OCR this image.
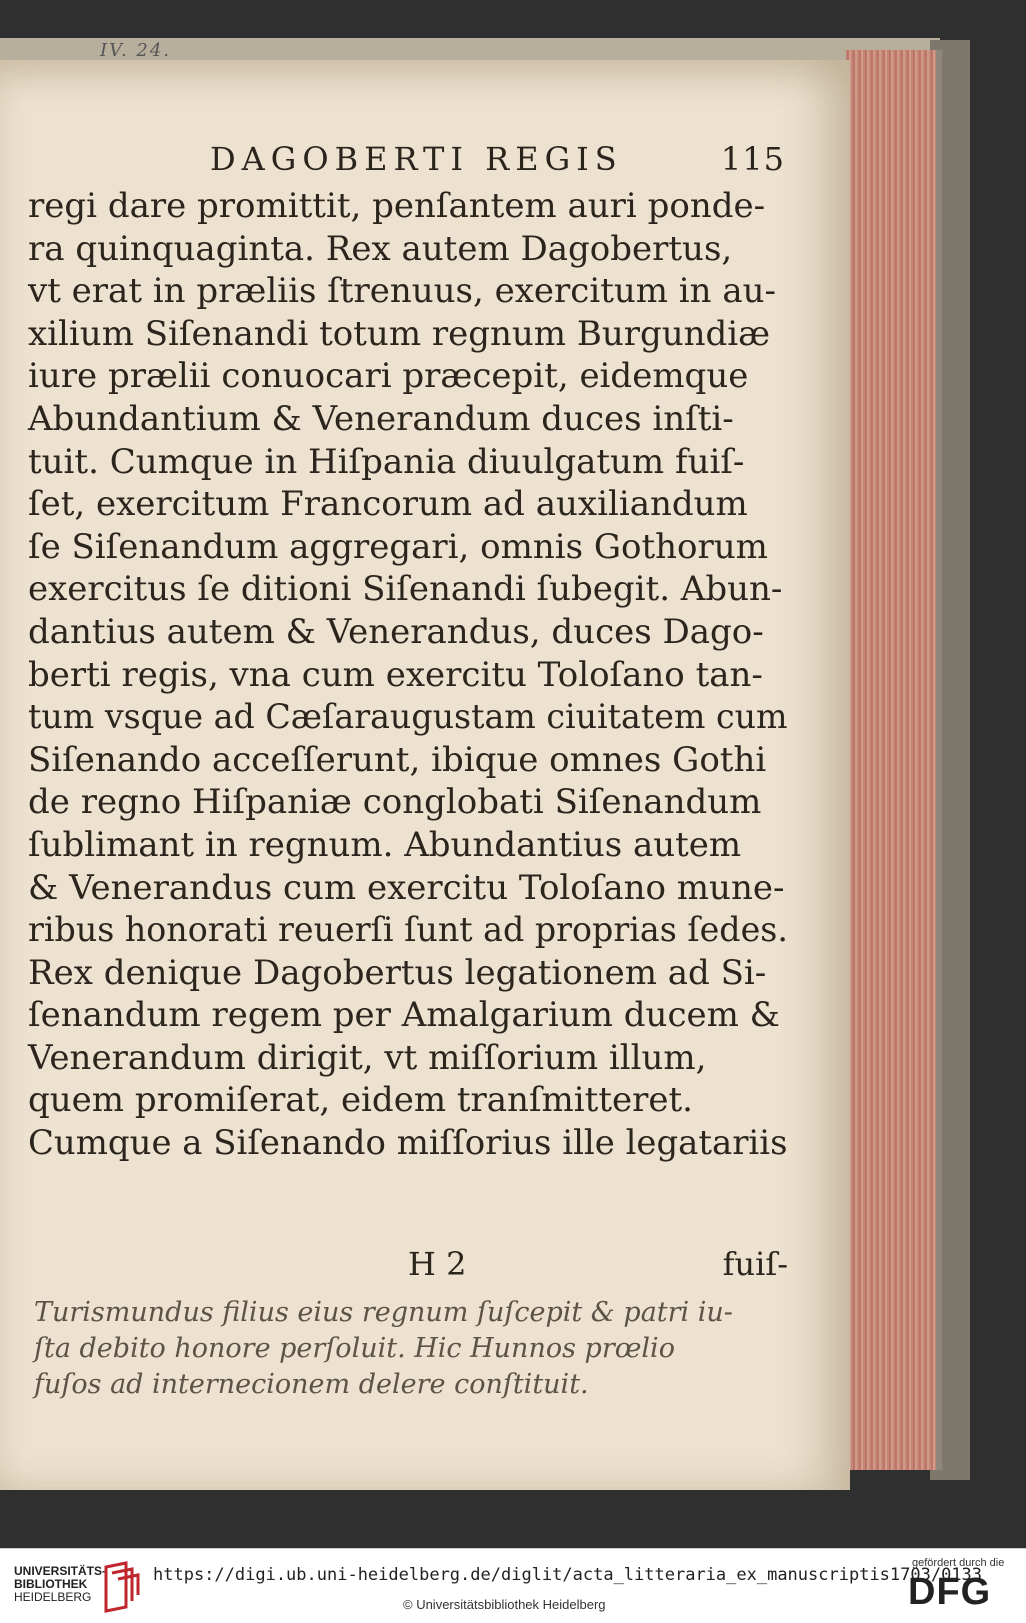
IV. 24.
DAGOBERTI REGIS	115
regi dare promittit, penſantem auri ponde-
ra quinquaginta. Rex autem Dagobertus,
vt erat in præliis ſtrenuus, exercitum in au-
xilium Siſenandi totum regnum Burgundiæ
iure prælii conuocari præcepit, eidemque
Abundantium & Venerandum duces inſti-
tuit. Cumque in Hiſpania diuulgatum fuiſ-
ſet, exercitum Francorum ad auxiliandum
ſe Siſenandum aggregari, omnis Gothorum
exercitus ſe ditioni Siſenandi ſubegit. Abun-
dantius autem & Venerandus, duces Dago-
berti regis, vna cum exercitu Toloſano tan-
tum vsque ad Cæſaraugustam ciuitatem cum
Siſenando acceſſerunt, ibique omnes Gothi
de regno Hiſpaniæ conglobati Siſenandum
ſublimant in regnum. Abundantius autem
& Venerandus cum exercitu Toloſano mune-
ribus honorati reuerſi ſunt ad proprias ſedes.
Rex denique Dagobertus legationem ad Si-
ſenandum regem per Amalgarium ducem &
Venerandum dirigit, vt miſſorium illum,
quem promiſerat, eidem tranſmitteret.
Cumque a Siſenando miſſorius ille legatariis
H 2	fuiſ-
Turismundus filius eius regnum ſuſcepit & patri iu-
ſta debito honore perſoluit. Hic Hunnos prœlio
fuſos ad internecionem delere conſtituit.
UNIVERSITÄTS-
BIBLIOTHEK
HEIDELBERG
https://digi.ub.uni-heidelberg.de/diglit/acta_litteraria_ex_manuscriptis1703/0133
© Universitätsbibliothek Heidelberg
gefördert durch die
DFG
